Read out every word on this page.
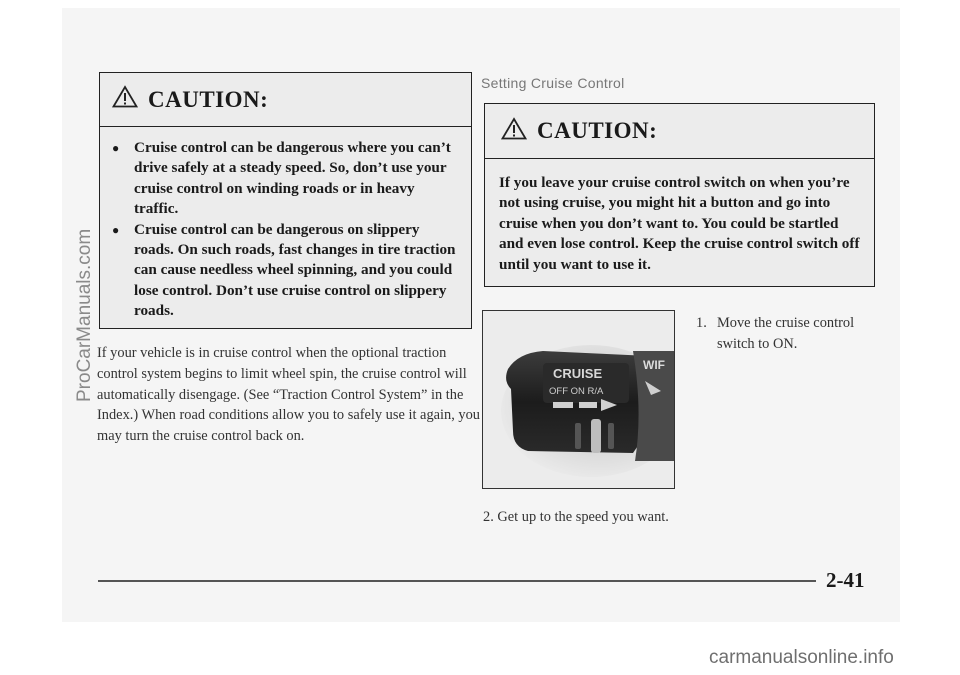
CAUTION:
● Cruise control can be dangerous where you can’t drive safely at a steady speed. So, don’t use your cruise control on winding roads or in heavy traffic.
● Cruise control can be dangerous on slippery roads. On such roads, fast changes in tire traction can cause needless wheel spinning, and you could lose control. Don’t use cruise control on slippery roads.
Setting Cruise Control
CAUTION:
If you leave your cruise control switch on when you’re not using cruise, you might hit a button and go into cruise when you don’t want to. You could be startled and even lose control. Keep the cruise control switch off until you want to use it.
If your vehicle is in cruise control when the optional traction control system begins to limit wheel spin, the cruise control will automatically disengage. (See “Traction Control System” in the Index.) When road conditions allow you to safely use it again, you may turn the cruise control back on.
CRUISE
OFF ON R/A
WIF
1. Move the cruise control switch to ON.
2. Get up to the speed you want.
2-41
ProCarManuals.com
carmanualsonline.info
